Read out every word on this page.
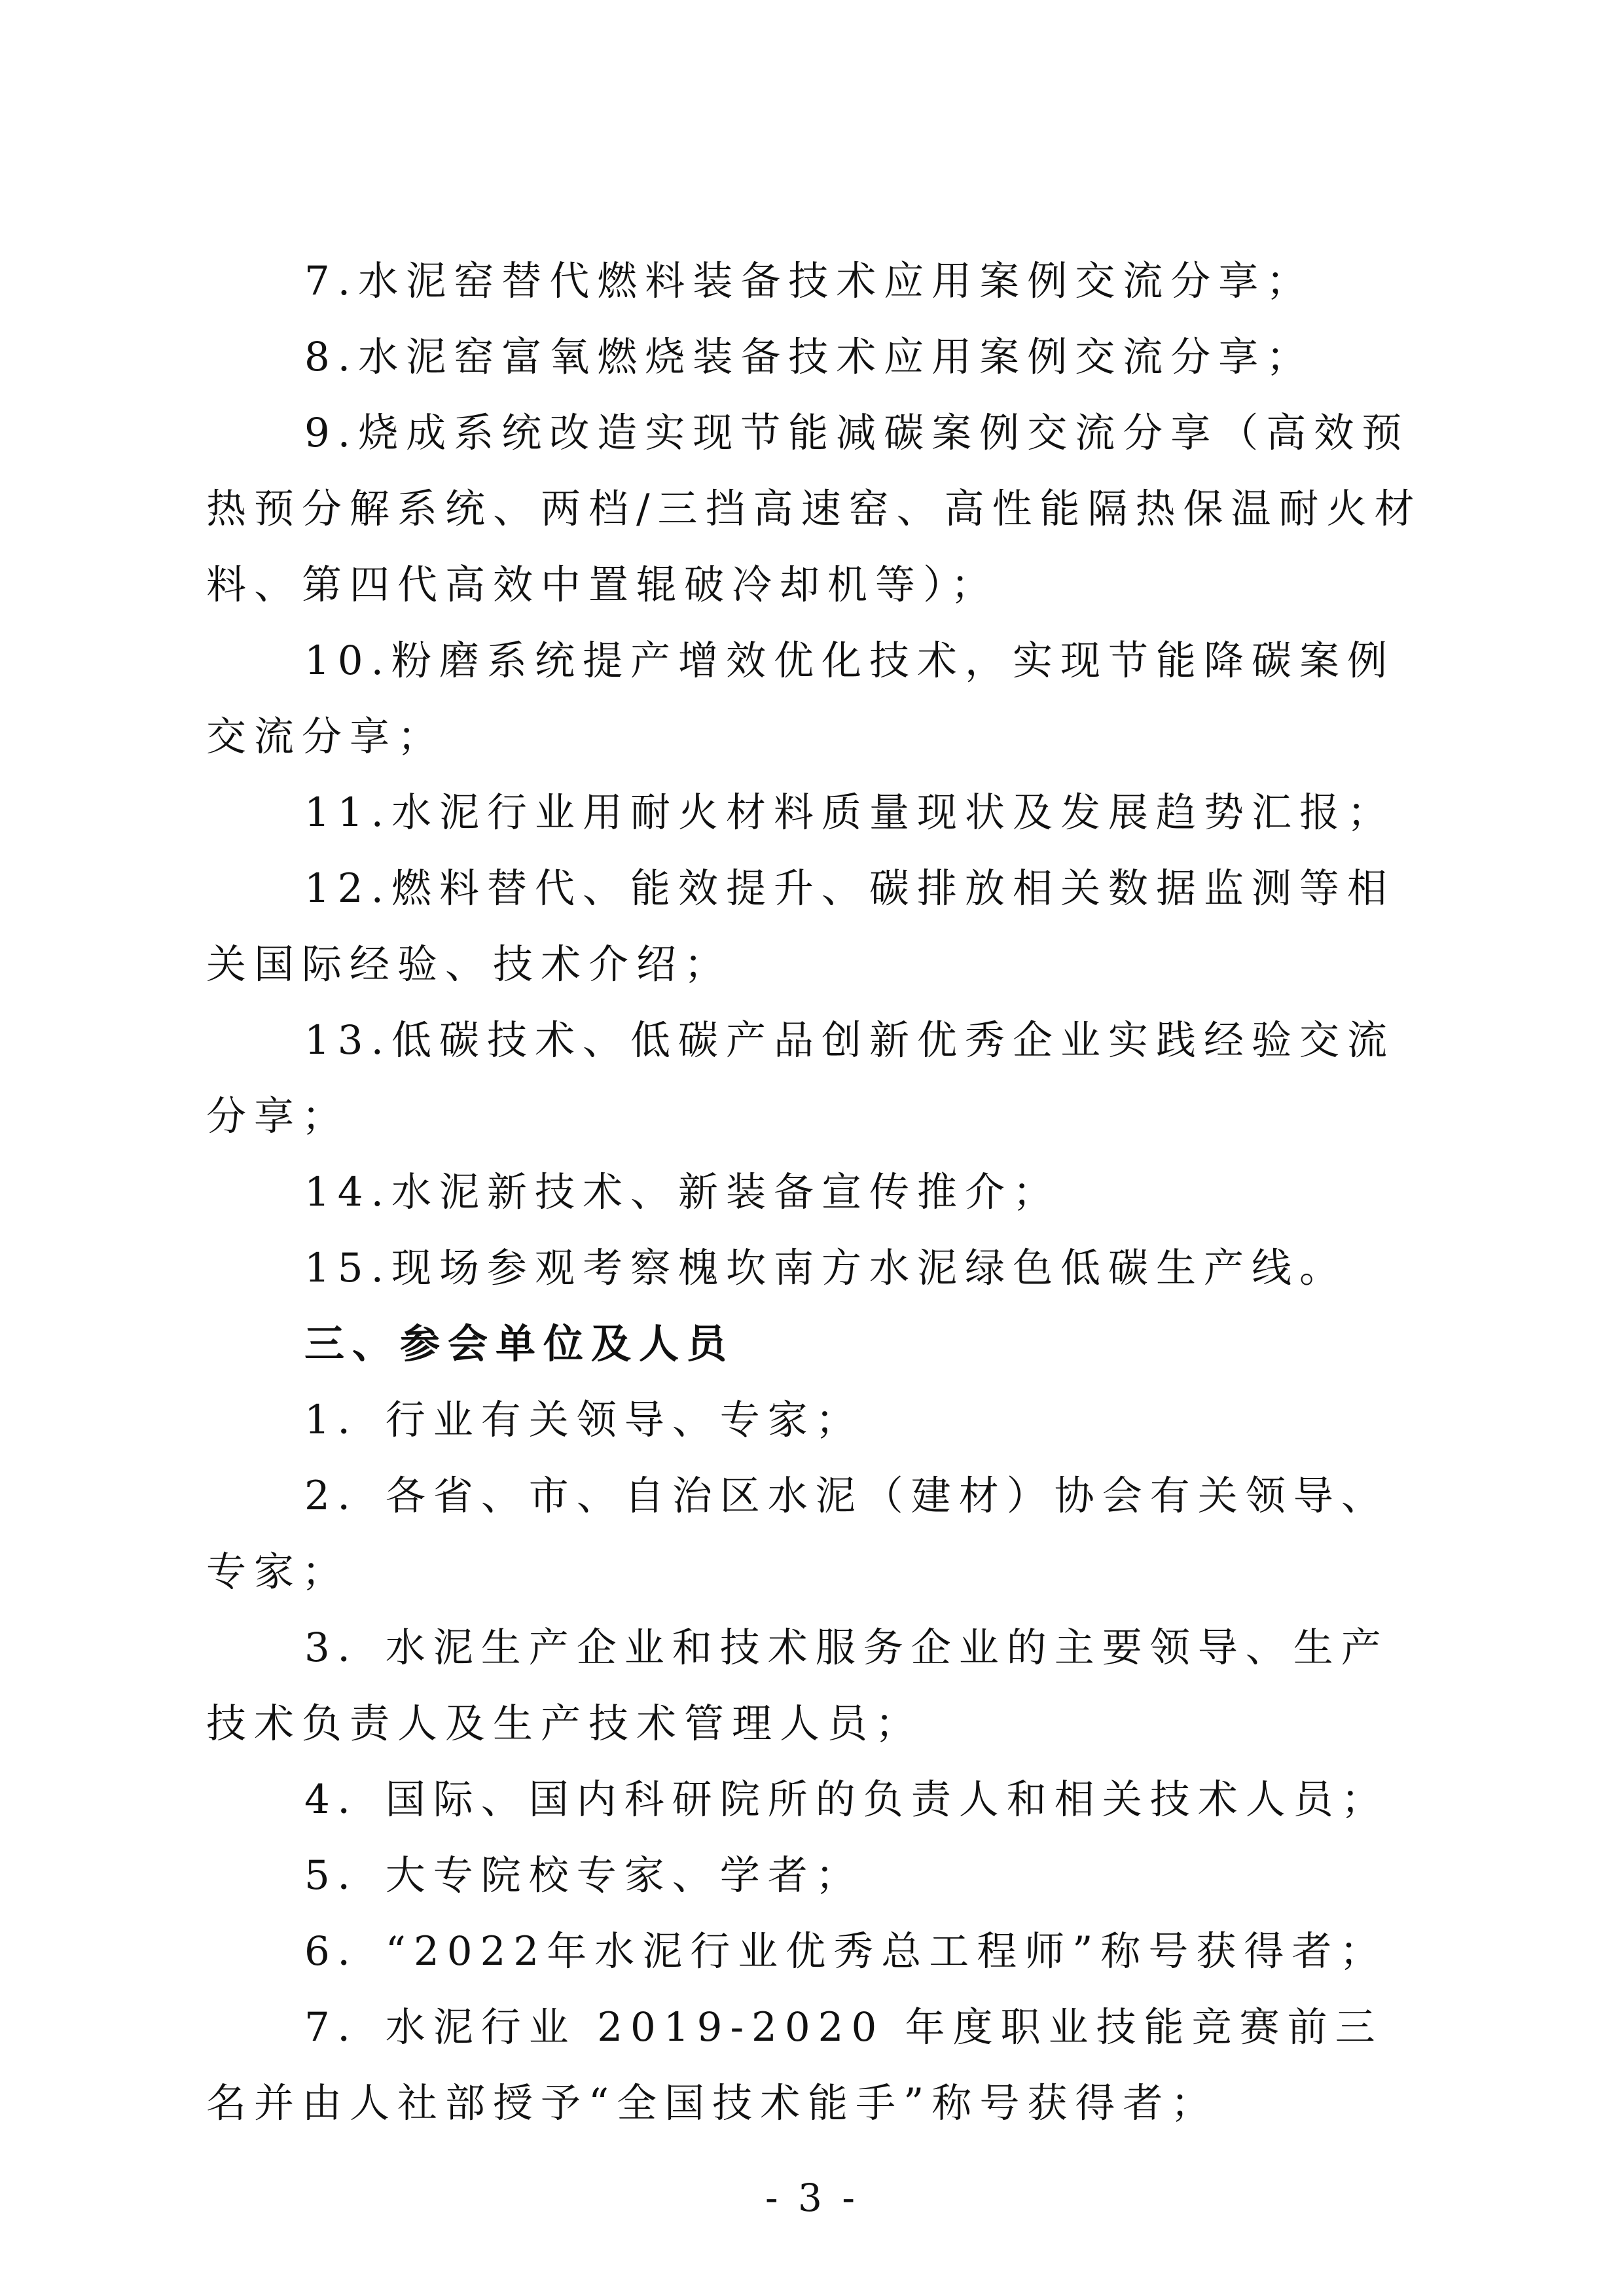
7.水泥窑替代燃料装备技术应用案例交流分享；

8.水泥窑富氧燃烧装备技术应用案例交流分享；

9.烧成系统改造实现节能减碳案例交流分享（高效预热预分解系统、两档/三挡高速窑、高性能隔热保温耐火材料、第四代高效中置辊破冷却机等）；

10.粉磨系统提产增效优化技术，实现节能降碳案例交流分享；

11.水泥行业用耐火材料质量现状及发展趋势汇报；

12.燃料替代、能效提升、碳排放相关数据监测等相关国际经验、技术介绍；

13.低碳技术、低碳产品创新优秀企业实践经验交流分享；

14.水泥新技术、新装备宣传推介；

15.现场参观考察槐坎南方水泥绿色低碳生产线。

三、参会单位及人员

1．行业有关领导、专家；

2．各省、市、自治区水泥（建材）协会有关领导、专家；

3．水泥生产企业和技术服务企业的主要领导、生产技术负责人及生产技术管理人员；

4．国际、国内科研院所的负责人和相关技术人员；

5．大专院校专家、学者；

6．“2022年水泥行业优秀总工程师”称号获得者；

7．水泥行业 2019-2020 年度职业技能竞赛前三名并由人社部授予“全国技术能手”称号获得者；

- 3 -
